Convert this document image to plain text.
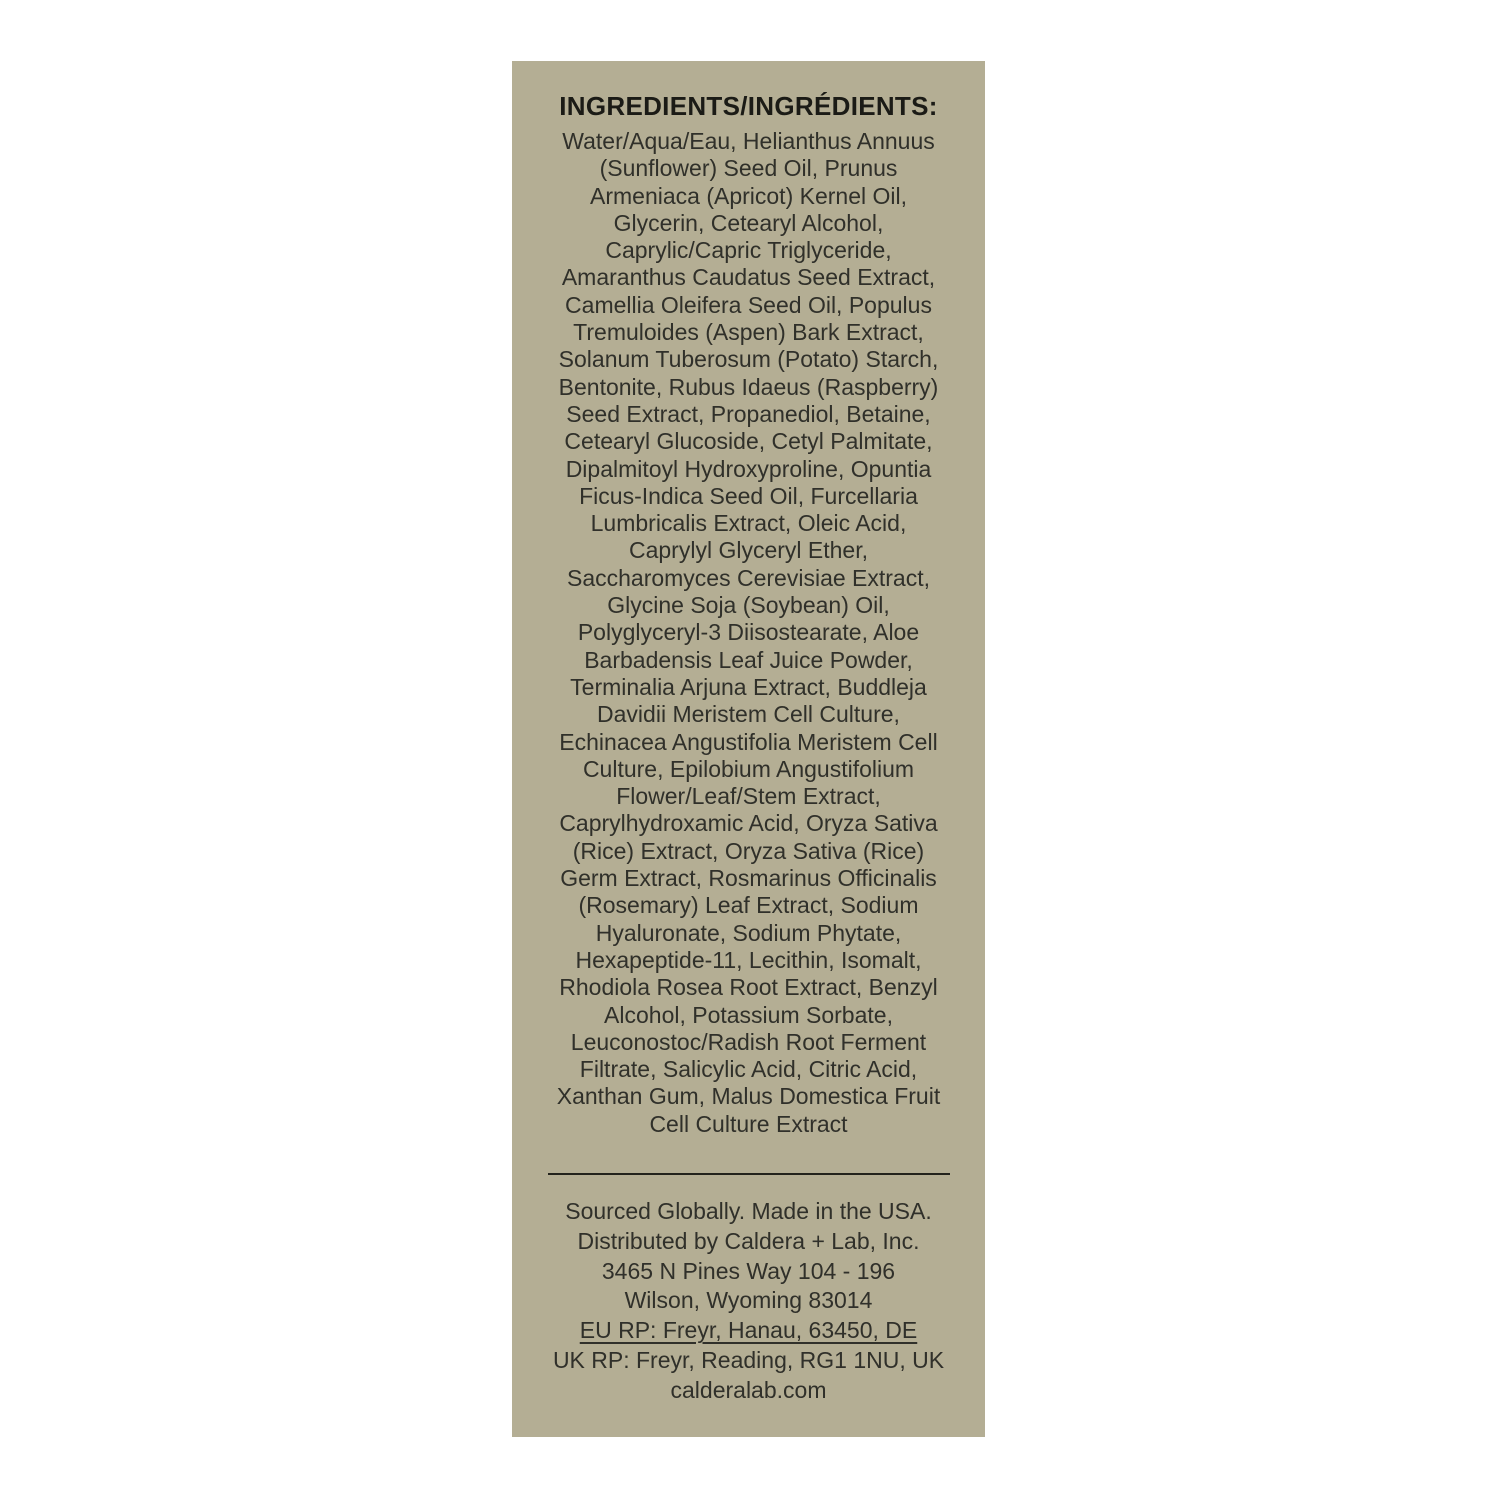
INGREDIENTS/INGRÉDIENTS:
Water/Aqua/Eau, Helianthus Annuus
(Sunflower) Seed Oil, Prunus
Armeniaca (Apricot) Kernel Oil,
Glycerin, Cetearyl Alcohol,
Caprylic/Capric Triglyceride,
Amaranthus Caudatus Seed Extract,
Camellia Oleifera Seed Oil, Populus
Tremuloides (Aspen) Bark Extract,
Solanum Tuberosum (Potato) Starch,
Bentonite, Rubus Idaeus (Raspberry)
Seed Extract, Propanediol, Betaine,
Cetearyl Glucoside, Cetyl Palmitate,
Dipalmitoyl Hydroxyproline, Opuntia
Ficus-Indica Seed Oil, Furcellaria
Lumbricalis Extract, Oleic Acid,
Caprylyl Glyceryl Ether,
Saccharomyces Cerevisiae Extract,
Glycine Soja (Soybean) Oil,
Polyglyceryl-3 Diisostearate, Aloe
Barbadensis Leaf Juice Powder,
Terminalia Arjuna Extract, Buddleja
Davidii Meristem Cell Culture,
Echinacea Angustifolia Meristem Cell
Culture, Epilobium Angustifolium
Flower/Leaf/Stem Extract,
Caprylhydroxamic Acid, Oryza Sativa
(Rice) Extract, Oryza Sativa (Rice)
Germ Extract, Rosmarinus Officinalis
(Rosemary) Leaf Extract, Sodium
Hyaluronate, Sodium Phytate,
Hexapeptide-11, Lecithin, Isomalt,
Rhodiola Rosea Root Extract, Benzyl
Alcohol, Potassium Sorbate,
Leuconostoc/Radish Root Ferment
Filtrate, Salicylic Acid, Citric Acid,
Xanthan Gum, Malus Domestica Fruit
Cell Culture Extract
Sourced Globally. Made in the USA.
Distributed by Caldera + Lab, Inc.
3465 N Pines Way 104 - 196
Wilson, Wyoming 83014
EU RP: Freyr, Hanau, 63450, DE
UK RP: Freyr, Reading, RG1 1NU, UK
calderalab.com
